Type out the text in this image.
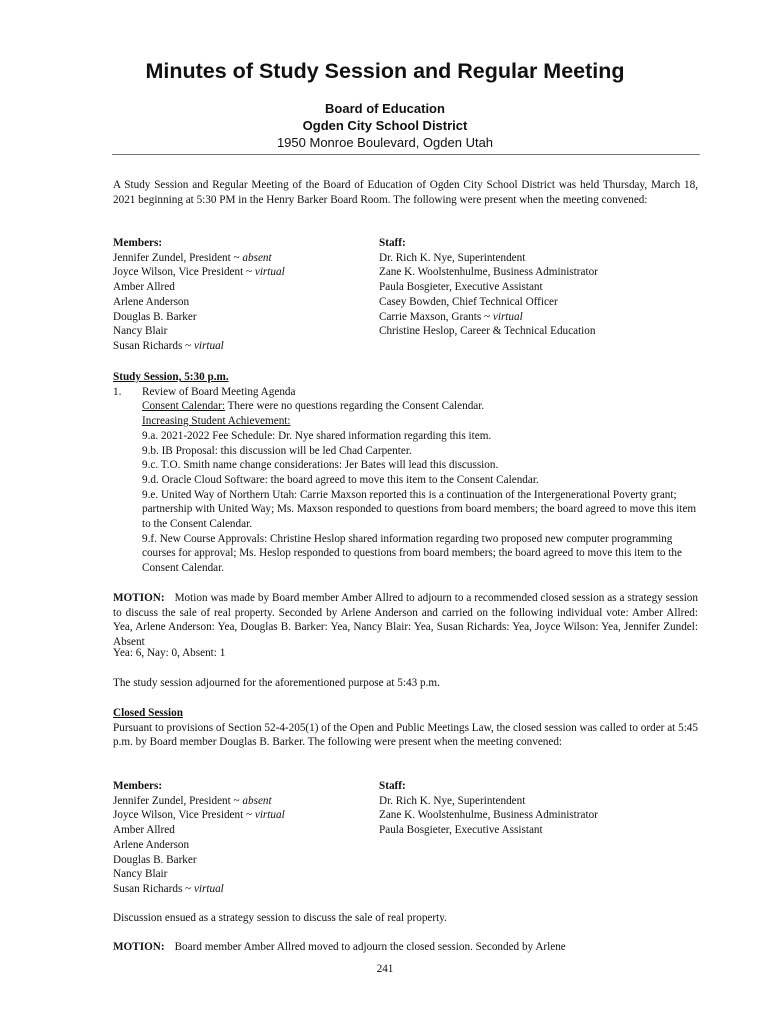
Minutes of Study Session and Regular Meeting
Board of Education
Ogden City School District
1950 Monroe Boulevard, Ogden Utah
A Study Session and Regular Meeting of the Board of Education of Ogden City School District was held Thursday, March 18, 2021 beginning at 5:30 PM in the Henry Barker Board Room. The following were present when the meeting convened:
Members:
Jennifer Zundel, President ~ absent
Joyce Wilson, Vice President ~ virtual
Amber Allred
Arlene Anderson
Douglas B. Barker
Nancy Blair
Susan Richards ~ virtual
Staff:
Dr. Rich K. Nye, Superintendent
Zane K. Woolstenhulme, Business Administrator
Paula Bosgieter, Executive Assistant
Casey Bowden, Chief Technical Officer
Carrie Maxson, Grants ~ virtual
Christine Heslop, Career & Technical Education
Study Session, 5:30 p.m.
1. Review of Board Meeting Agenda
Consent Calendar: There were no questions regarding the Consent Calendar.
Increasing Student Achievement:
9.a. 2021-2022 Fee Schedule: Dr. Nye shared information regarding this item.
9.b. IB Proposal: this discussion will be led Chad Carpenter.
9.c. T.O. Smith name change considerations: Jer Bates will lead this discussion.
9.d. Oracle Cloud Software: the board agreed to move this item to the Consent Calendar.
9.e. United Way of Northern Utah: Carrie Maxson reported this is a continuation of the Intergenerational Poverty grant; partnership with United Way; Ms. Maxson responded to questions from board members; the board agreed to move this item to the Consent Calendar.
9.f. New Course Approvals: Christine Heslop shared information regarding two proposed new computer programming courses for approval; Ms. Heslop responded to questions from board members; the board agreed to move this item to the Consent Calendar.
MOTION: Motion was made by Board member Amber Allred to adjourn to a recommended closed session as a strategy session to discuss the sale of real property. Seconded by Arlene Anderson and carried on the following individual vote: Amber Allred: Yea, Arlene Anderson: Yea, Douglas B. Barker: Yea, Nancy Blair: Yea, Susan Richards: Yea, Joyce Wilson: Yea, Jennifer Zundel: Absent
Yea: 6, Nay: 0, Absent: 1
The study session adjourned for the aforementioned purpose at 5:43 p.m.
Closed Session
Pursuant to provisions of Section 52-4-205(1) of the Open and Public Meetings Law, the closed session was called to order at 5:45 p.m. by Board member Douglas B. Barker. The following were present when the meeting convened:
Members:
Jennifer Zundel, President ~ absent
Joyce Wilson, Vice President ~ virtual
Amber Allred
Arlene Anderson
Douglas B. Barker
Nancy Blair
Susan Richards ~ virtual
Staff:
Dr. Rich K. Nye, Superintendent
Zane K. Woolstenhulme, Business Administrator
Paula Bosgieter, Executive Assistant
Discussion ensued as a strategy session to discuss the sale of real property.
MOTION: Board member Amber Allred moved to adjourn the closed session. Seconded by Arlene
241
